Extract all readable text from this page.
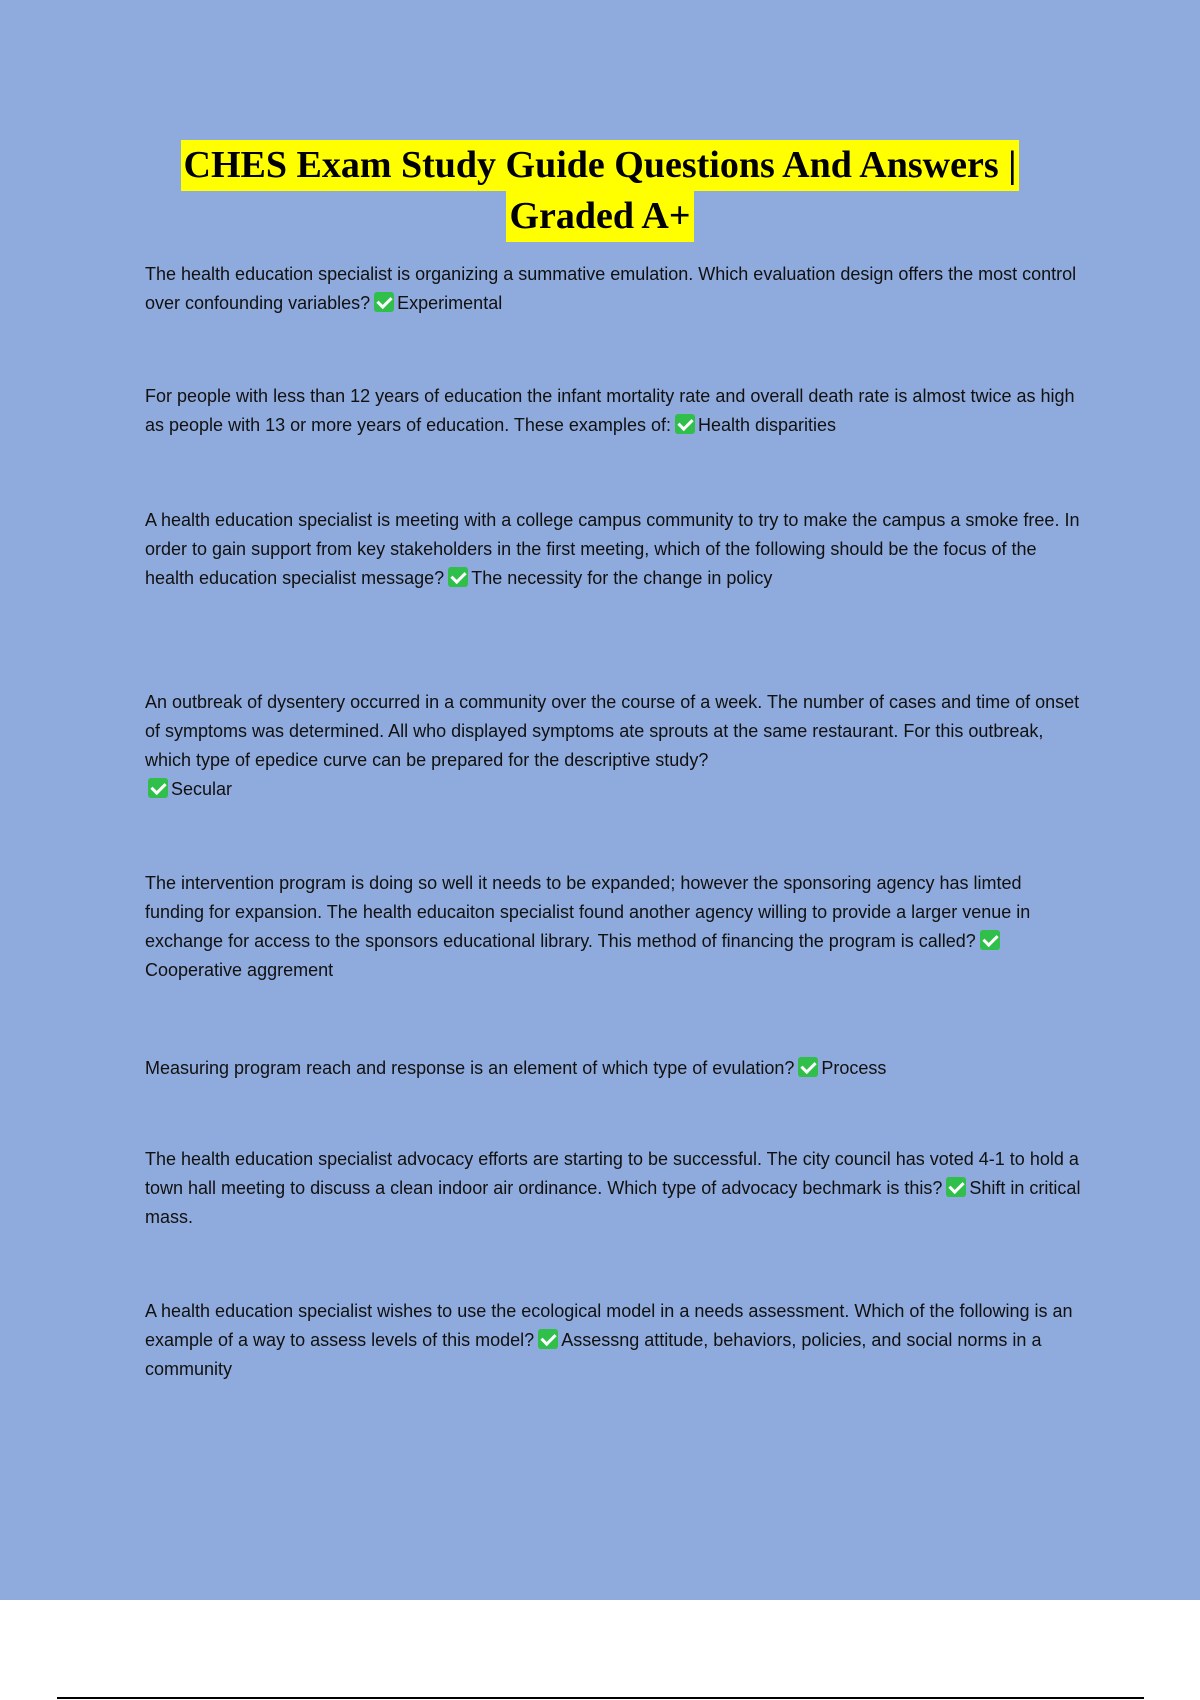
CHES Exam Study Guide Questions And Answers |
Graded A+
The health education specialist is organizing a summative emulation. Which evaluation design offers the most control over confounding variables? Experimental
For people with less than 12 years of education the infant mortality rate and overall death rate is almost twice as high as people with 13 or more years of education. These examples of: Health disparities
A health education specialist is meeting with a college campus community to try to make the campus a smoke free. In order to gain support from key stakeholders in the first meeting, which of the following should be the focus of the health education specialist message? The necessity for the change in policy
An outbreak of dysentery occurred in a community over the course of a week. The number of cases and time of onset of symptoms was determined. All who displayed symptoms ate sprouts at the same restaurant. For this outbreak, which type of epedice curve can be prepared for the descriptive study?
Secular
The intervention program is doing so well it needs to be expanded; however the sponsoring agency has limted funding for expansion. The health educaiton specialist found another agency willing to provide a larger venue in exchange for access to the sponsors educational library. This method of financing the program is called?Cooperative aggrement
Measuring program reach and response is an element of which type of evulation? Process
The health education specialist advocacy efforts are starting to be successful. The city council has voted 4-1 to hold a town hall meeting to discuss a clean indoor air ordinance. Which type of advocacy bechmark is this? Shift in critical mass.
A health education specialist wishes to use the ecological model in a needs assessment. Which of the following is an example of a way to assess levels of this model? Assessng attitude, behaviors, policies, and social norms in a community
